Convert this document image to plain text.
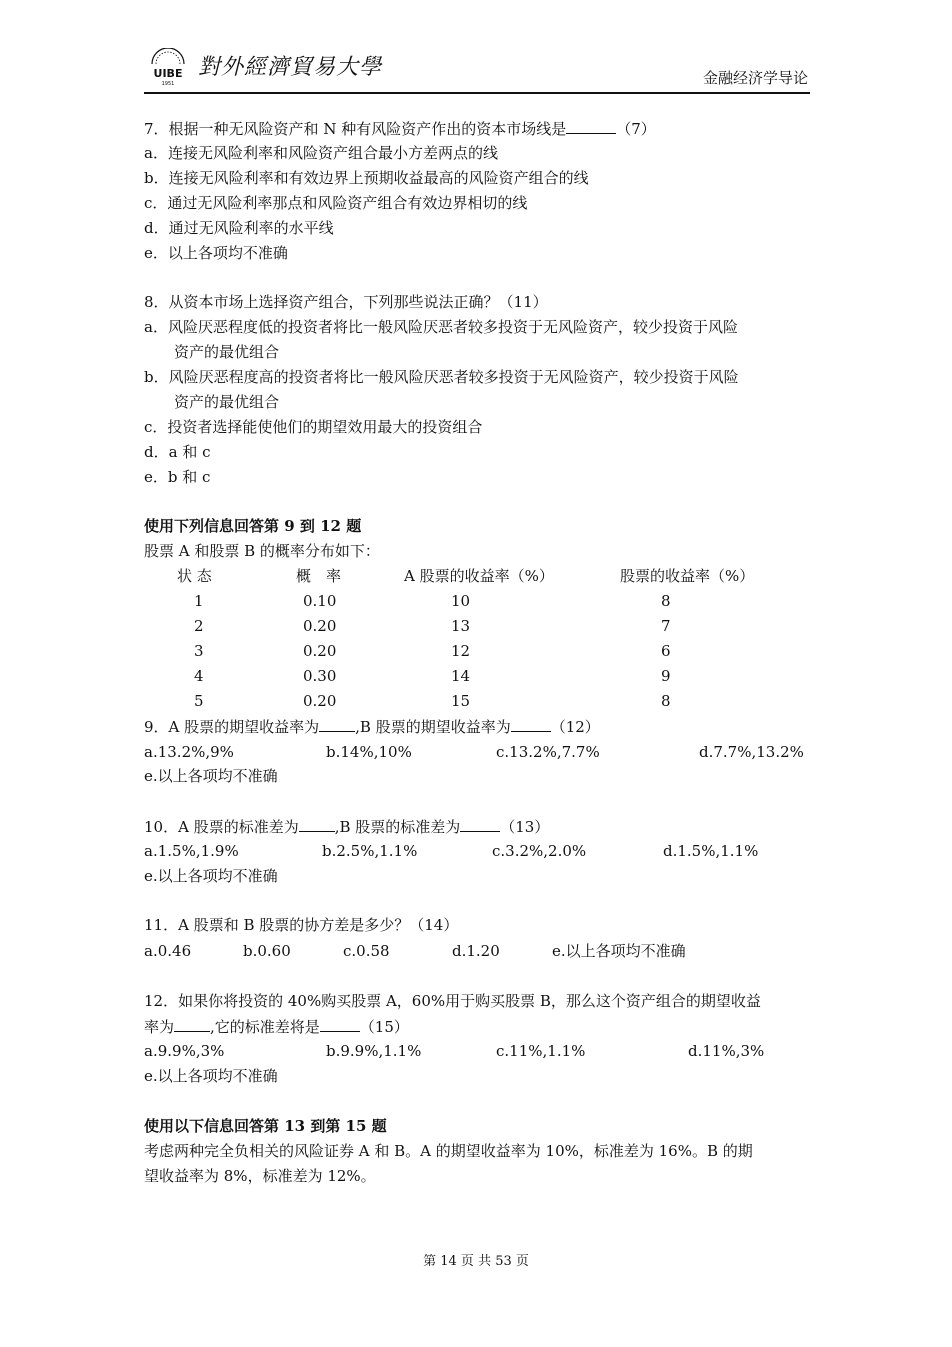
UIBE
1951
對外經濟貿易大學	金融经济学导论
7．根据一种无风险资产和 N 种有风险资产作出的资本市场线是	（7）
a．连接无风险利率和风险资产组合最小方差两点的线
b．连接无风险利率和有效边界上预期收益最高的风险资产组合的线
c．通过无风险利率那点和风险资产组合有效边界相切的线
d．通过无风险利率的水平线
e．以上各项均不准确
8．从资本市场上选择资产组合，下列那些说法正确？（11）
a．风险厌恶程度低的投资者将比一般风险厌恶者较多投资于无风险资产，较少投资于风险
资产的最优组合
b．风险厌恶程度高的投资者将比一般风险厌恶者较多投资于无风险资产，较少投资于风险
资产的最优组合
c．投资者选择能使他们的期望效用最大的投资组合
d．a 和 c
e．b 和 c
使用下列信息回答第 9 到 12 题
股票 A 和股票 B 的概率分布如下：
状 态	概　率	A 股票的收益率（%）	股票的收益率（%）
1	0.10	10	8
2	0.20	13	7
3	0.20	12	6
4	0.30	14	9
5	0.20	15	8
9．A 股票的期望收益率为 ,B 股票的期望收益率为	（12）
a.13.2%,9%	b.14%,10%	c.13.2%,7.7%	d.7.7%,13.2%
e.以上各项均不准确
10．A 股票的标准差为 ,B 股票的标准差为	（13）
a.1.5%,1.9%	b.2.5%,1.1%	c.3.2%,2.0%	d.1.5%,1.1%
e.以上各项均不准确
11．A 股票和 B 股票的协方差是多少？（14）
a.0.46	b.0.60	c.0.58	d.1.20	e.以上各项均不准确
12．如果你将投资的 40%购买股票 A，60%用于购买股票 B，那么这个资产组合的期望收益
率为 ,它的标准差将是	（15）
a.9.9%,3%	b.9.9%,1.1%	c.11%,1.1%	d.11%,3%
e.以上各项均不准确
使用以下信息回答第 13 到第 15 题
考虑两种完全负相关的风险证券 A 和 B。A 的期望收益率为 10%，标准差为 16%。B 的期
望收益率为 8%，标准差为 12%。
第 14 页 共 53 页
